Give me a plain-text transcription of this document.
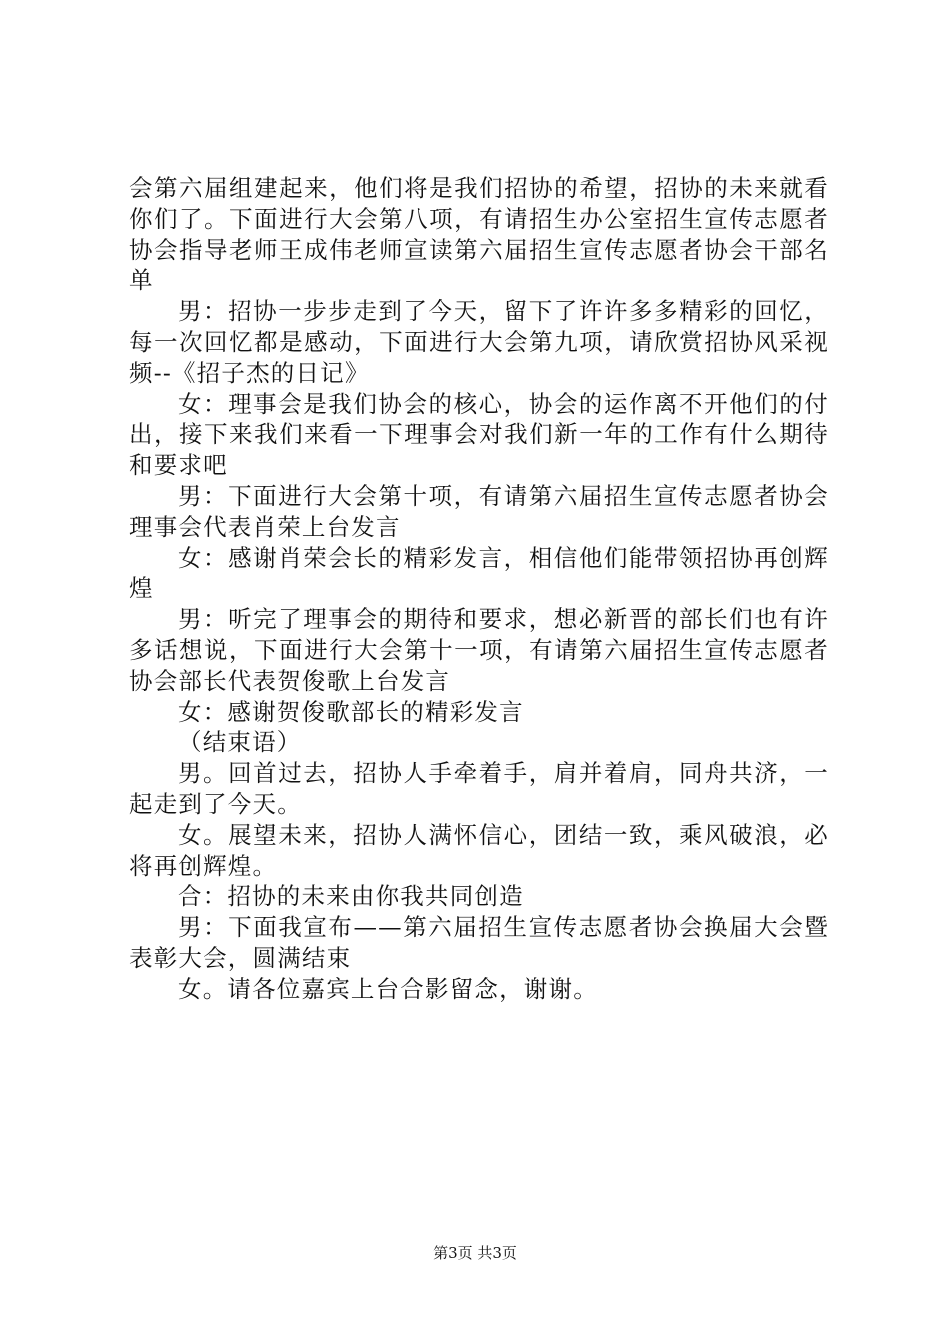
会第六届组建起来，他们将是我们招协的希望，招协的未来就看你们了。下面进行大会第八项，有请招生办公室招生宣传志愿者协会指导老师王成伟老师宣读第六届招生宣传志愿者协会干部名单

男：招协一步步走到了今天，留下了许许多多精彩的回忆，每一次回忆都是感动，下面进行大会第九项，请欣赏招协风采视频--《招子杰的日记》

女：理事会是我们协会的核心，协会的运作离不开他们的付出，接下来我们来看一下理事会对我们新一年的工作有什么期待和要求吧

男：下面进行大会第十项，有请第六届招生宣传志愿者协会理事会代表肖荣上台发言

女：感谢肖荣会长的精彩发言，相信他们能带领招协再创辉煌

男：听完了理事会的期待和要求，想必新晋的部长们也有许多话想说，下面进行大会第十一项，有请第六届招生宣传志愿者协会部长代表贺俊歌上台发言

女：感谢贺俊歌部长的精彩发言

（结束语）

男。回首过去，招协人手牵着手，肩并着肩，同舟共济，一起走到了今天。

女。展望未来，招协人满怀信心，团结一致，乘风破浪，必将再创辉煌。

合：招协的未来由你我共同创造

男：下面我宣布——第六届招生宣传志愿者协会换届大会暨表彰大会，圆满结束

女。请各位嘉宾上台合影留念，谢谢。

第3页 共3页
